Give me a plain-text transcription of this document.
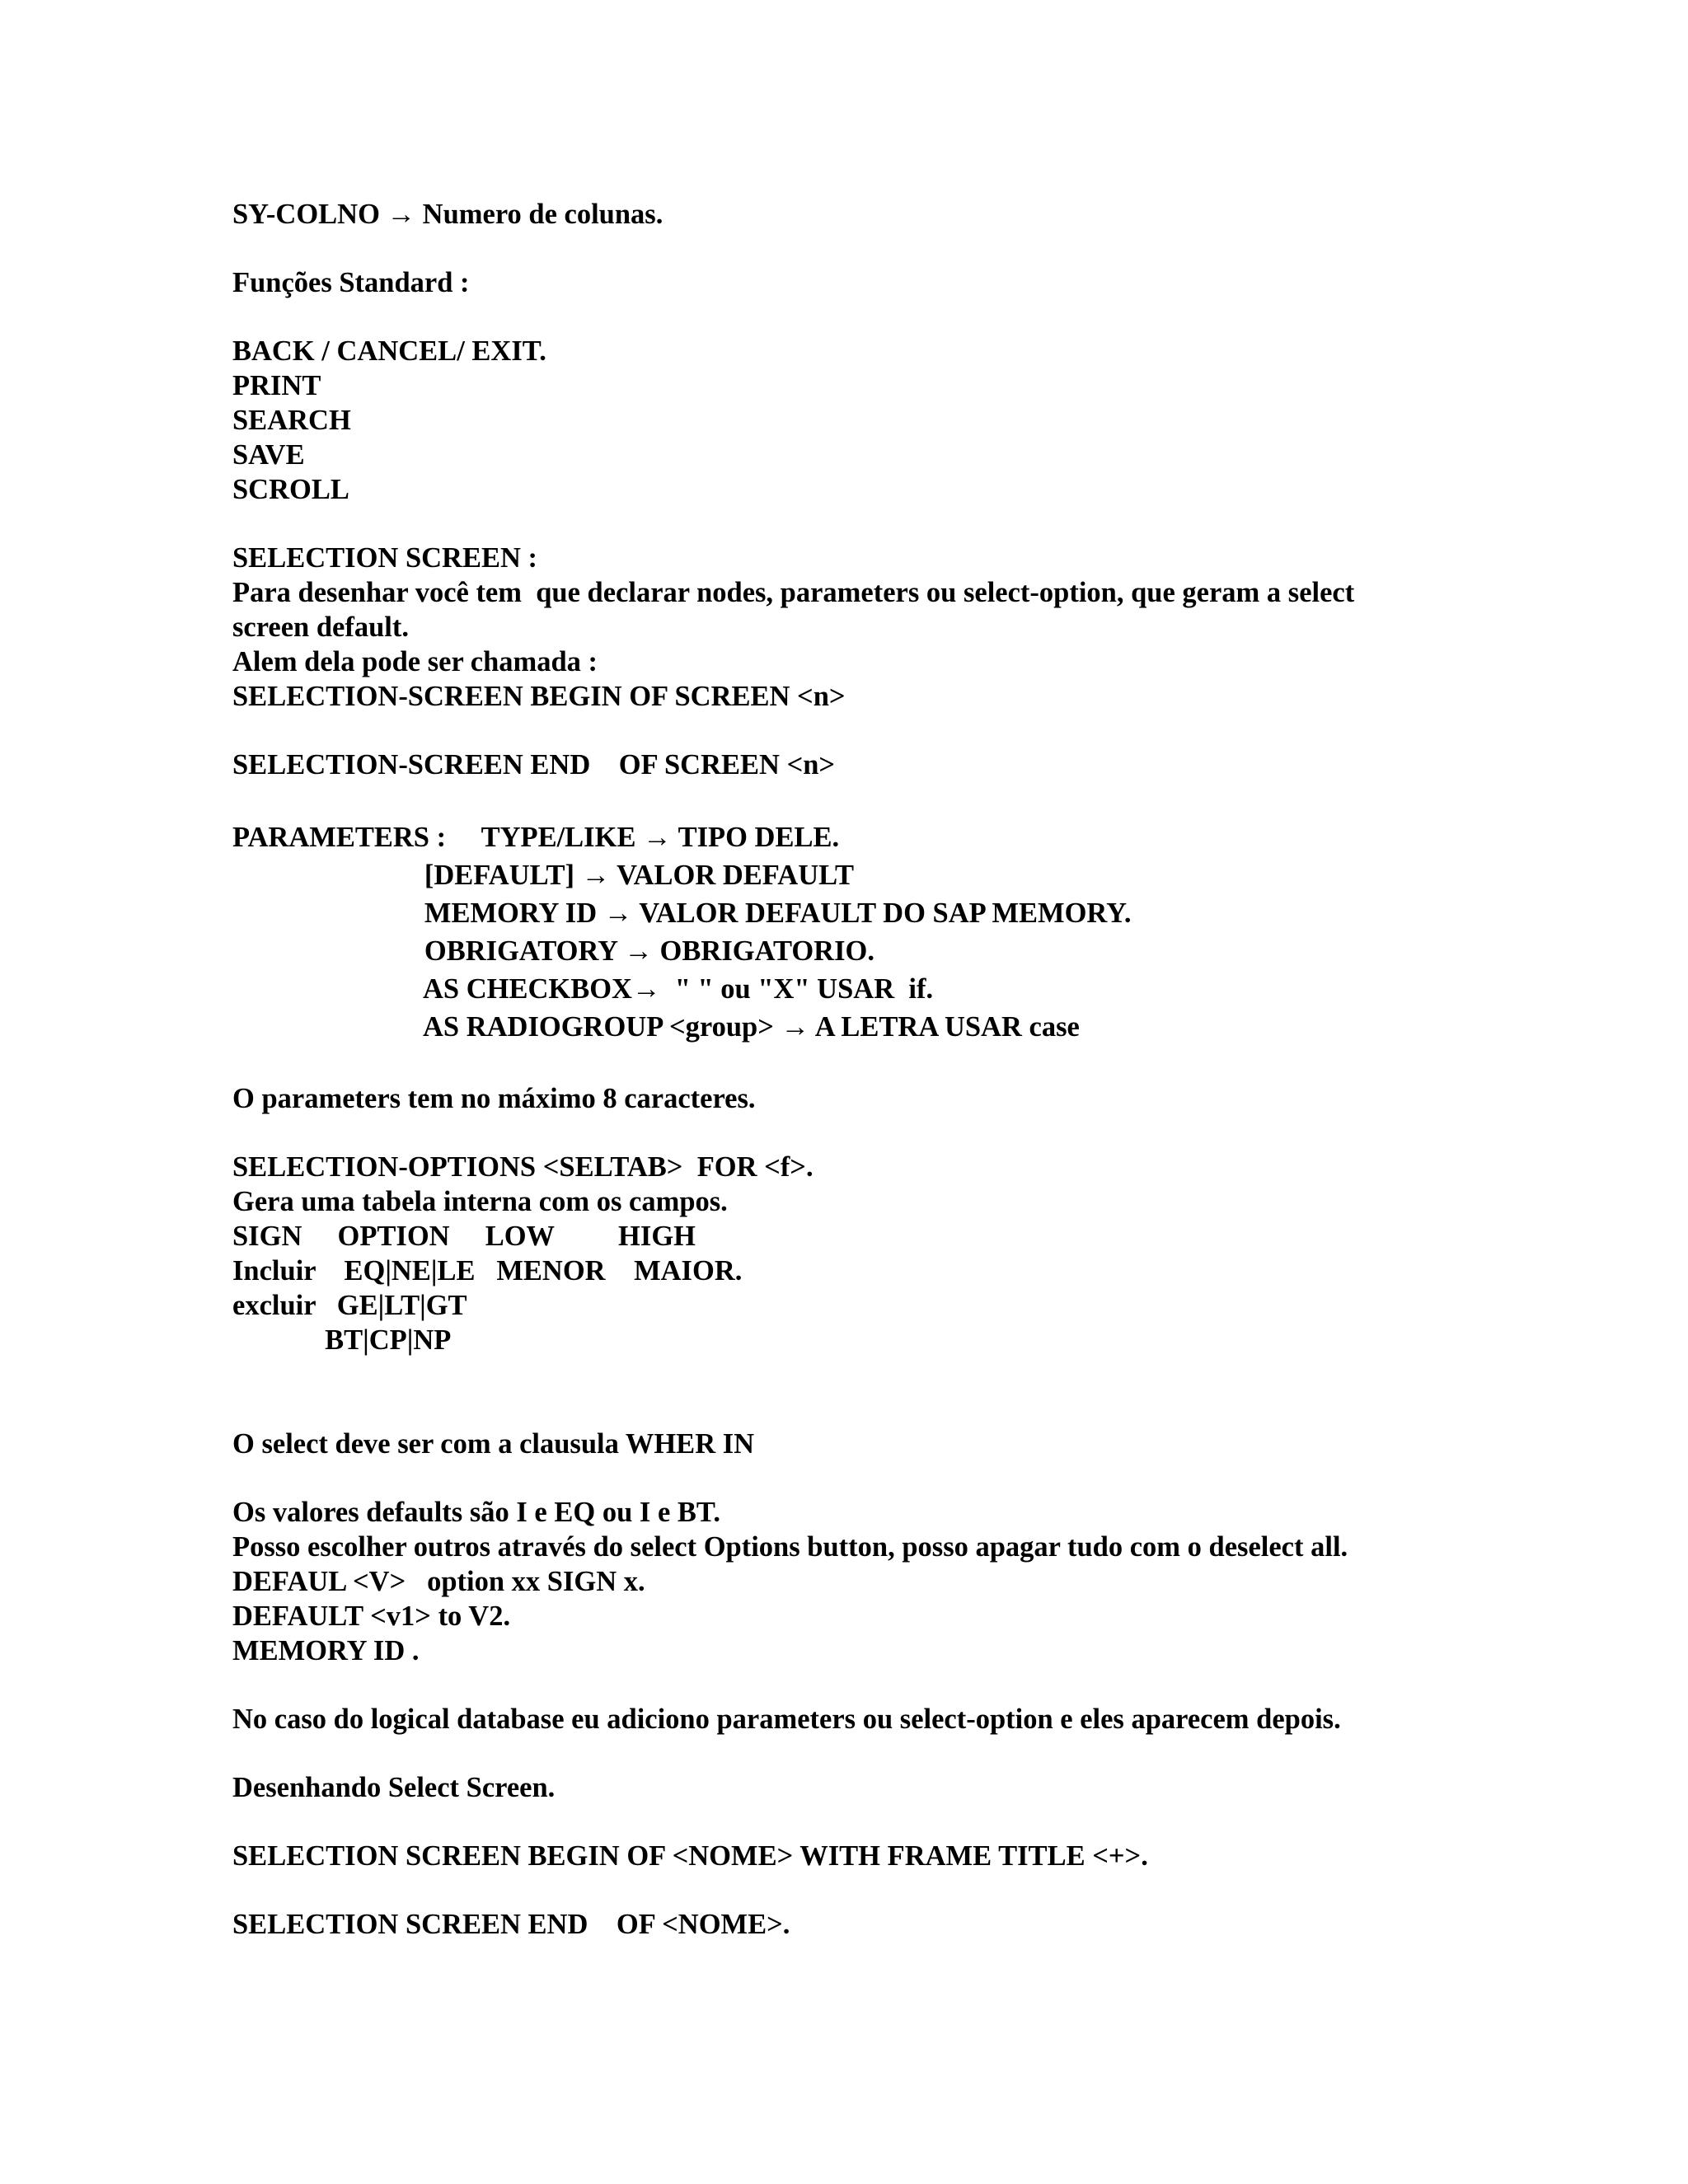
SY-COLNO → Numero de colunas.
Funções Standard :
BACK / CANCEL/ EXIT.
PRINT
SEARCH
SAVE
SCROLL
SELECTION SCREEN :
Para desenhar você tem  que declarar nodes, parameters ou select-option, que geram a select
screen default.
Alem dela pode ser chamada :
SELECTION-SCREEN BEGIN OF SCREEN <n>
SELECTION-SCREEN END    OF SCREEN <n>
PARAMETERS :     TYPE/LIKE → TIPO DELE.
[DEFAULT] → VALOR DEFAULT
MEMORY ID → VALOR DEFAULT DO SAP MEMORY.
OBRIGATORY → OBRIGATORIO.
AS CHECKBOX→  " " ou "X" USAR  if.
AS RADIOGROUP <group> → A LETRA USAR case
O parameters tem no máximo 8 caracteres.
SELECTION-OPTIONS <SELTAB>  FOR <f>.
Gera uma tabela interna com os campos.
SIGN     OPTION     LOW         HIGH
Incluir    EQ|NE|LE   MENOR    MAIOR.
excluir   GE|LT|GT
BT|CP|NP
O select deve ser com a clausula WHER IN
Os valores defaults são I e EQ ou I e BT.
Posso escolher outros através do select Options button, posso apagar tudo com o deselect all.
DEFAUL <V>   option xx SIGN x.
DEFAULT <v1> to V2.
MEMORY ID .
No caso do logical database eu adiciono parameters ou select-option e eles aparecem depois.
Desenhando Select Screen.
SELECTION SCREEN BEGIN OF <NOME> WITH FRAME TITLE <+>.
SELECTION SCREEN END    OF <NOME>.
